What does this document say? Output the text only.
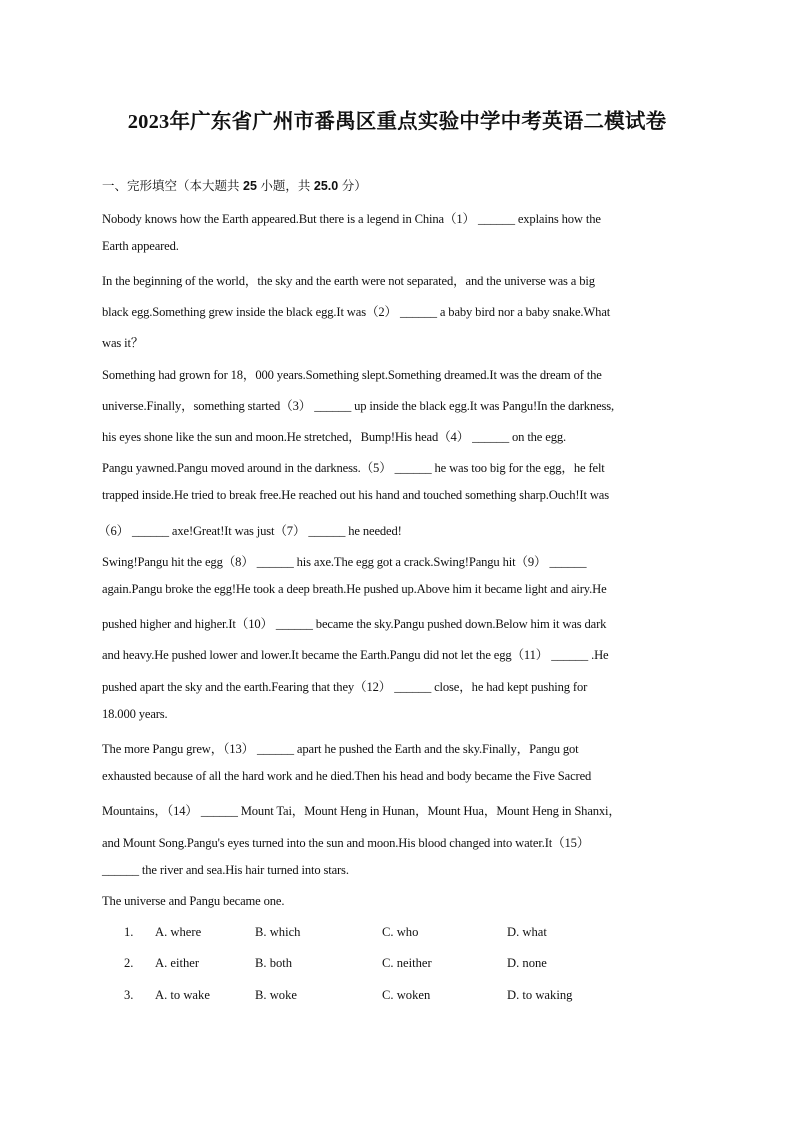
2023年广东省广州市番禺区重点实验中学中考英语二模试卷
一、完形填空（本大题共 25 小题，共 25.0 分）
Nobody knows how the Earth appeared.But there is a legend in China（1） ______ explains how the
Earth appeared.
In the beginning of the world，the sky and the earth were not separated，and the universe was a big
black egg.Something grew inside the black egg.It was（2） ______ a baby bird nor a baby snake.What
was it？
Something had grown for 18，000 years.Something slept.Something dreamed.It was the dream of the
universe.Finally，something started（3） ______ up inside the black egg.It was Pangu!In the darkness,
his eyes shone like the sun and moon.He stretched，Bump!His head（4） ______ on the egg.
Pangu yawned.Pangu moved around in the darkness.（5） ______ he was too big for the egg，he felt
trapped inside.He tried to break free.He reached out his hand and touched something sharp.Ouch!It was
（6） ______ axe!Great!It was just（7） ______ he needed!
Swing!Pangu hit the egg（8） ______ his axe.The egg got a crack.Swing!Pangu hit（9） ______
again.Pangu broke the egg!He took a deep breath.He pushed up.Above him it became light and airy.He
pushed higher and higher.It（10） ______ became the sky.Pangu pushed down.Below him it was dark
and heavy.He pushed lower and lower.It became the Earth.Pangu did not let the egg（11） ______ .He
pushed apart the sky and the earth.Fearing that they（12） ______ close，he had kept pushing for
18.000 years.
The more Pangu grew，（13） ______ apart he pushed the Earth and the sky.Finally，Pangu got
exhausted because of all the hard work and he died.Then his head and body became the Five Sacred
Mountains，（14） ______ Mount Tai，Mount Heng in Hunan，Mount Hua，Mount Heng in Shanxi，
and Mount Song.Pangu's eyes turned into the sun and moon.His blood changed into water.It（15）
______ the river and sea.His hair turned into stars.
The universe and Pangu became one.
1. A. where	B. which	C. who	D. what
2. A. either	B. both	C. neither	D. none
3. A. to wake	B. woke	C. woken	D. to waking
